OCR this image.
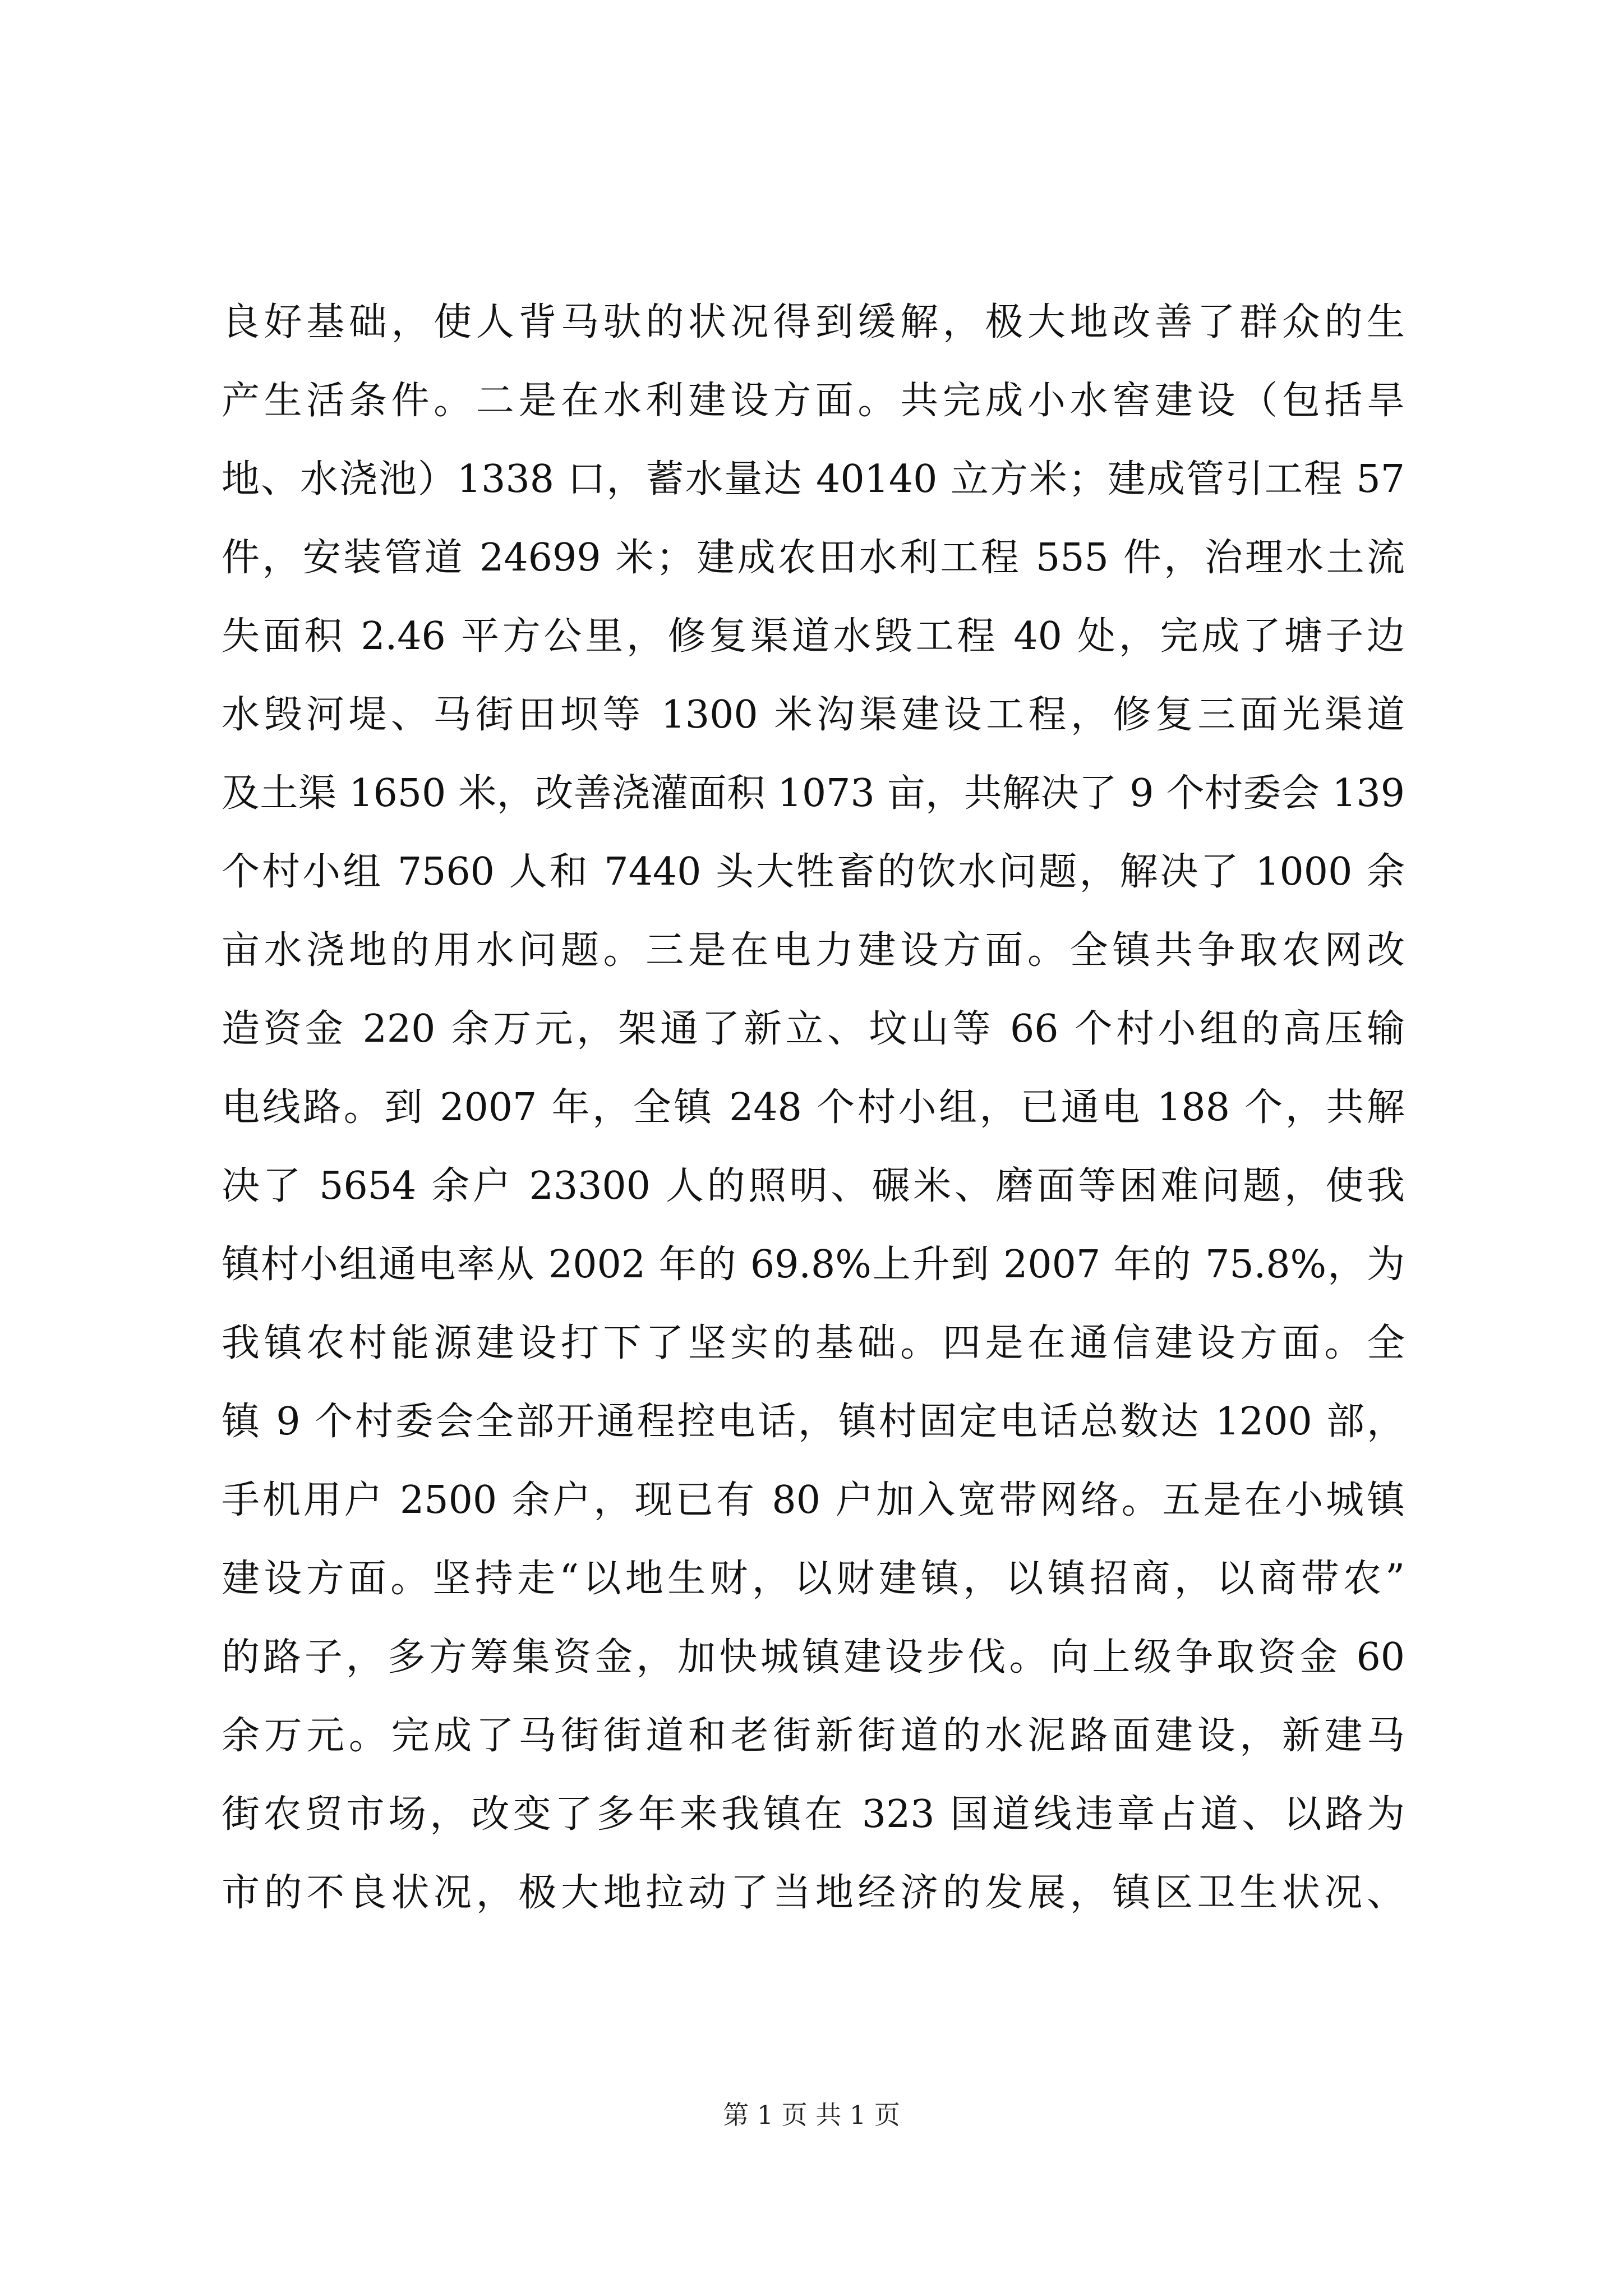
良好基础，使人背马驮的状况得到缓解，极大地改善了群众的生
产生活条件。二是在水利建设方面。共完成小水窖建设（包括旱
地、水浇池）1338 口，蓄水量达 40140 立方米；建成管引工程 57
件，安装管道 24699 米；建成农田水利工程 555 件，治理水土流
失面积 2.46 平方公里，修复渠道水毁工程 40 处，完成了塘子边
水毁河堤、马街田坝等 1300 米沟渠建设工程，修复三面光渠道
及土渠 1650 米，改善浇灌面积 1073 亩，共解决了 9 个村委会 139
个村小组 7560 人和 7440 头大牲畜的饮水问题，解决了 1000 余
亩水浇地的用水问题。三是在电力建设方面。全镇共争取农网改
造资金 220 余万元，架通了新立、坟山等 66 个村小组的高压输
电线路。到 2007 年，全镇 248 个村小组，已通电 188 个，共解
决了 5654 余户 23300 人的照明、碾米、磨面等困难问题，使我
镇村小组通电率从 2002 年的 69.8%上升到 2007 年的 75.8%，为
我镇农村能源建设打下了坚实的基础。四是在通信建设方面。全
镇 9 个村委会全部开通程控电话，镇村固定电话总数达 1200 部，
手机用户 2500 余户，现已有 80 户加入宽带网络。五是在小城镇
建设方面。坚持走“以地生财，以财建镇，以镇招商，以商带农”
的路子，多方筹集资金，加快城镇建设步伐。向上级争取资金 60
余万元。完成了马街街道和老街新街道的水泥路面建设，新建马
街农贸市场，改变了多年来我镇在 323 国道线违章占道、以路为
市的不良状况，极大地拉动了当地经济的发展，镇区卫生状况、
第 1 页 共 1 页
